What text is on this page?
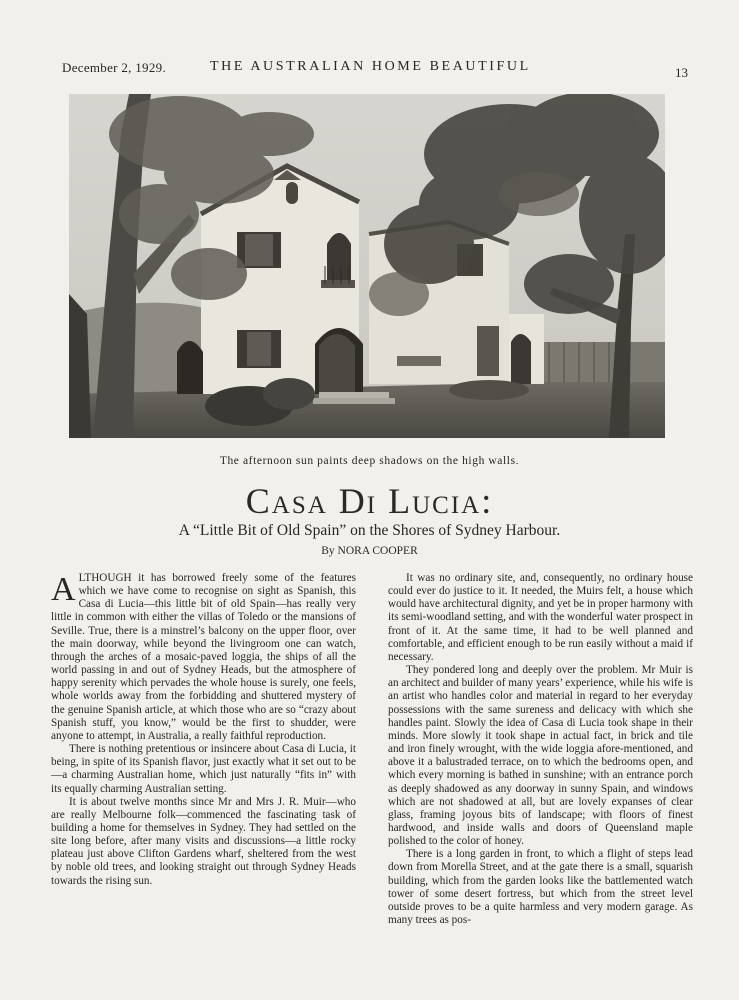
December 2, 1929.	THE AUSTRALIAN HOME BEAUTIFUL	13
The afternoon sun paints deep shadows on the high walls.
Casa Di Lucia:
A “Little Bit of Old Spain” on the Shores of Sydney Harbour.
By NORA COOPER

ALTHOUGH it has borrowed freely some of the features which we have come to recognise on sight as Spanish, this Casa di Lucia—this little bit of old Spain—has really very little in common with either the villas of Toledo or the mansions of Seville. True, there is a minstrel’s balcony on the upper floor, over the main doorway, while beyond the livingroom one can watch, through the arches of a mosaic-paved loggia, the ships of all the world passing in and out of Sydney Heads, but the atmosphere of happy serenity which pervades the whole house is surely, one feels, whole worlds away from the forbidding and shuttered mystery of the genuine Spanish article, at which those who are so “crazy about Spanish stuff, you know,” would be the first to shudder, were anyone to attempt, in Australia, a really faithful reproduction.

There is nothing pretentious or insincere about Casa di Lucia, it being, in spite of its Spanish flavor, just exactly what it set out to be—a charming Australian home, which just naturally “fits in” with its equally charming Australian setting.

It is about twelve months since Mr and Mrs J. R. Muir—who are really Melbourne folk—commenced the fascinating task of building a home for themselves in Sydney. They had settled on the site long before, after many visits and discussions—a little rocky plateau just above Clifton Gardens wharf, sheltered from the west by noble old trees, and looking straight out through Sydney Heads towards the rising sun.

It was no ordinary site, and, consequently, no ordinary house could ever do justice to it. It needed, the Muirs felt, a house which would have architectural dignity, and yet be in proper harmony with its semi-woodland setting, and with the wonderful water prospect in front of it. At the same time, it had to be well planned and comfortable, and efficient enough to be run easily without a maid if necessary.

They pondered long and deeply over the problem. Mr Muir is an architect and builder of many years’ experience, while his wife is an artist who handles color and material in regard to her everyday possessions with the same sureness and delicacy with which she handles paint. Slowly the idea of Casa di Lucia took shape in their minds. More slowly it took shape in actual fact, in brick and tile and iron finely wrought, with the wide loggia afore-mentioned, and above it a balustraded terrace, on to which the bedrooms open, and which every morning is bathed in sunshine; with an entrance porch as deeply shadowed as any doorway in sunny Spain, and windows which are not shadowed at all, but are lovely expanses of clear glass, framing joyous bits of landscape; with floors of finest hardwood, and inside walls and doors of Queensland maple polished to the color of honey.

There is a long garden in front, to which a flight of steps lead down from Morella Street, and at the gate there is a small, squarish building, which from the garden looks like the battlemented watch tower of some desert fortress, but which from the street level outside proves to be a quite harmless and very modern garage. As many trees as pos-
